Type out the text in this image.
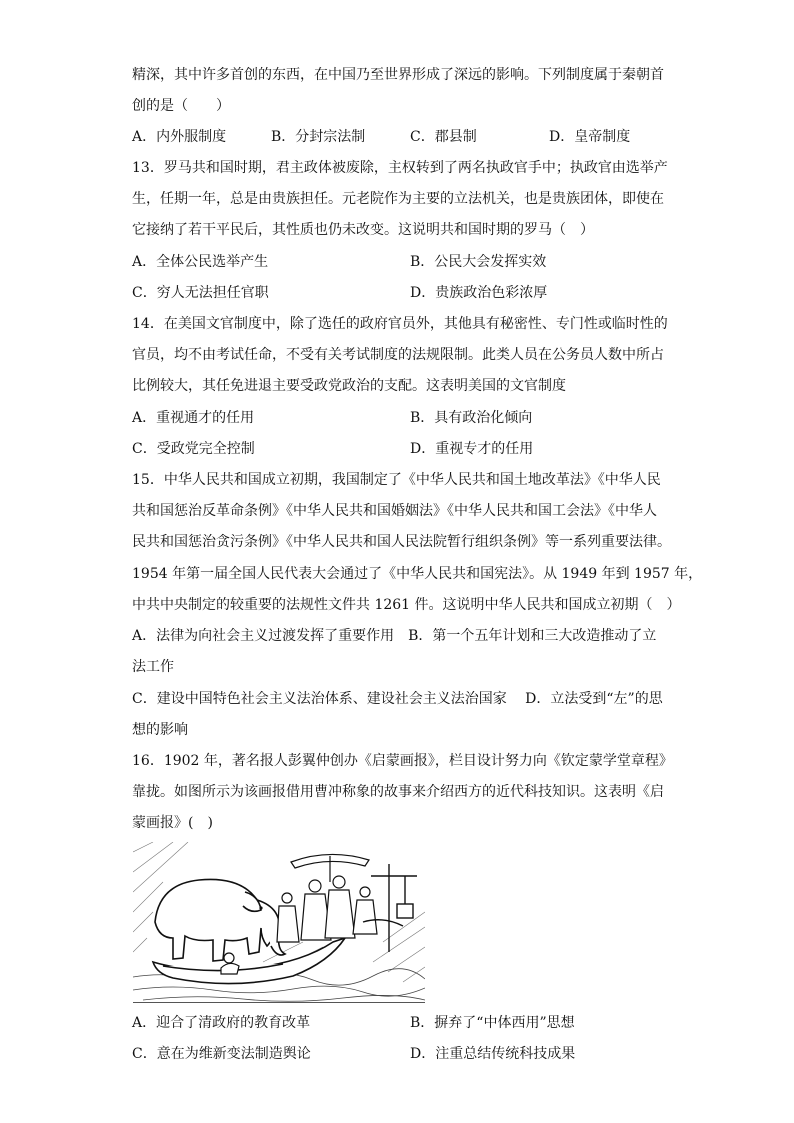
精深，其中许多首创的东西，在中国乃至世界形成了深远的影响。下列制度属于秦朝首
创的是（　　）
A．内外服制度	B．分封宗法制	C．郡县制	D．皇帝制度
13．罗马共和国时期，君主政体被废除，主权转到了两名执政官手中；执政官由选举产
生，任期一年，总是由贵族担任。元老院作为主要的立法机关，也是贵族团体，即使在
它接纳了若干平民后，其性质也仍未改变。这说明共和国时期的罗马（　）
A．全体公民选举产生	B．公民大会发挥实效
C．穷人无法担任官职	D．贵族政治色彩浓厚
14．在美国文官制度中，除了选任的政府官员外，其他具有秘密性、专门性或临时性的
官员，均不由考试任命，不受有关考试制度的法规限制。此类人员在公务员人数中所占
比例较大，其任免进退主要受政党政治的支配。这表明美国的文官制度
A．重视通才的任用	B．具有政治化倾向
C．受政党完全控制	D．重视专才的任用
15．中华人民共和国成立初期，我国制定了《中华人民共和国土地改革法》《中华人民
共和国惩治反革命条例》《中华人民共和国婚姻法》《中华人民共和国工会法》《中华人
民共和国惩治贪污条例》《中华人民共和国人民法院暂行组织条例》等一系列重要法律。
1954 年第一届全国人民代表大会通过了《中华人民共和国宪法》。从 1949 年到 1957 年，
中共中央制定的较重要的法规性文件共 1261 件。这说明中华人民共和国成立初期（　）
A．法律为向社会主义过渡发挥了重要作用　B．第一个五年计划和三大改造推动了立
法工作
C．建设中国特色社会主义法治体系、建设社会主义法治国家　 D．立法受到“左”的思
想的影响
16．1902 年，著名报人彭翼仲创办《启蒙画报》，栏目设计努力向《钦定蒙学堂章程》
靠拢。如图所示为该画报借用曹冲称象的故事来介绍西方的近代科技知识。这表明《启
蒙画报》(　)
A．迎合了清政府的教育改革	B．摒弃了“中体西用”思想
C．意在为维新变法制造舆论	D．注重总结传统科技成果
